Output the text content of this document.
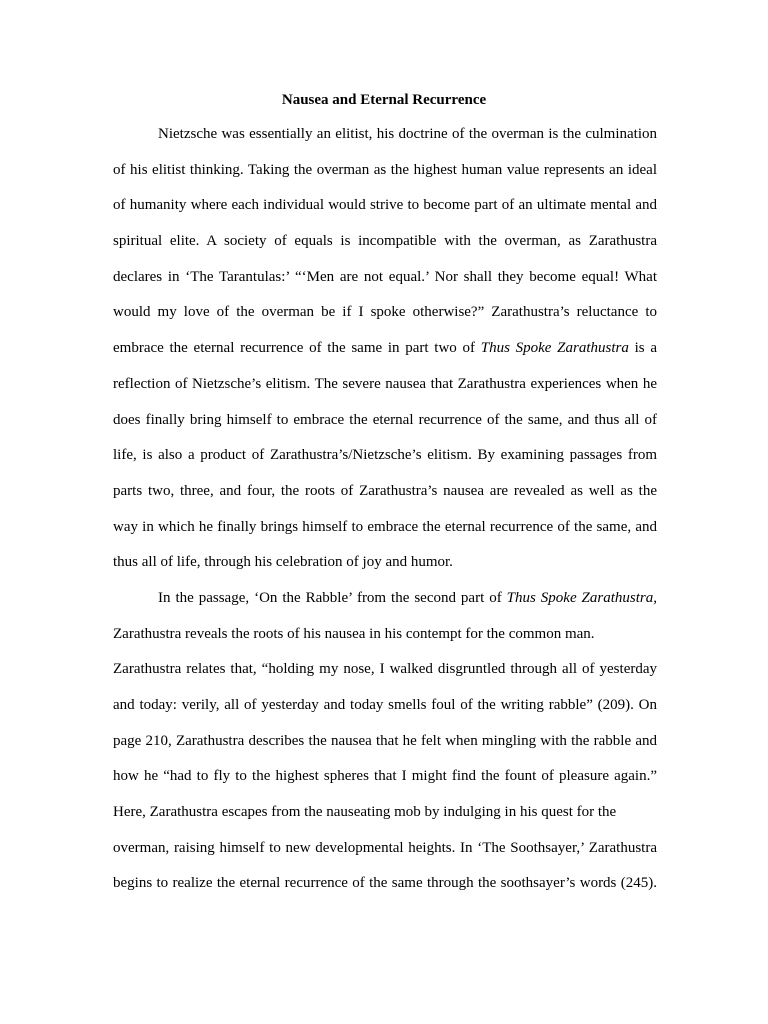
Nausea and Eternal Recurrence
Nietzsche was essentially an elitist, his doctrine of the overman is the culmination
of his elitist thinking. Taking the overman as the highest human value represents an ideal
of humanity where each individual would strive to become part of an ultimate mental and
spiritual elite. A society of equals is incompatible with the overman, as Zarathustra
declares in ‘The Tarantulas:’ “‘Men are not equal.’ Nor shall they become equal! What
would my love of the overman be if I spoke otherwise?” Zarathustra’s reluctance to
embrace the eternal recurrence of the same in part two of Thus Spoke Zarathustra is a
reflection of Nietzsche’s elitism. The severe nausea that Zarathustra experiences when he
does finally bring himself to embrace the eternal recurrence of the same, and thus all of
life, is also a product of Zarathustra’s/Nietzsche’s elitism. By examining passages from
parts two, three, and four, the roots of Zarathustra’s nausea are revealed as well as the
way in which he finally brings himself to embrace the eternal recurrence of the same, and
thus all of life, through his celebration of joy and humor.
In the passage, ‘On the Rabble’ from the second part of Thus Spoke Zarathustra,
Zarathustra reveals the roots of his nausea in his contempt for the common man.
Zarathustra relates that, “holding my nose, I walked disgruntled through all of yesterday
and today: verily, all of yesterday and today smells foul of the writing rabble” (209). On
page 210, Zarathustra describes the nausea that he felt when mingling with the rabble and
how he “had to fly to the highest spheres that I might find the fount of pleasure again.”
Here, Zarathustra escapes from the nauseating mob by indulging in his quest for the
overman, raising himself to new developmental heights. In ‘The Soothsayer,’ Zarathustra
begins to realize the eternal recurrence of the same through the soothsayer’s words (245).
